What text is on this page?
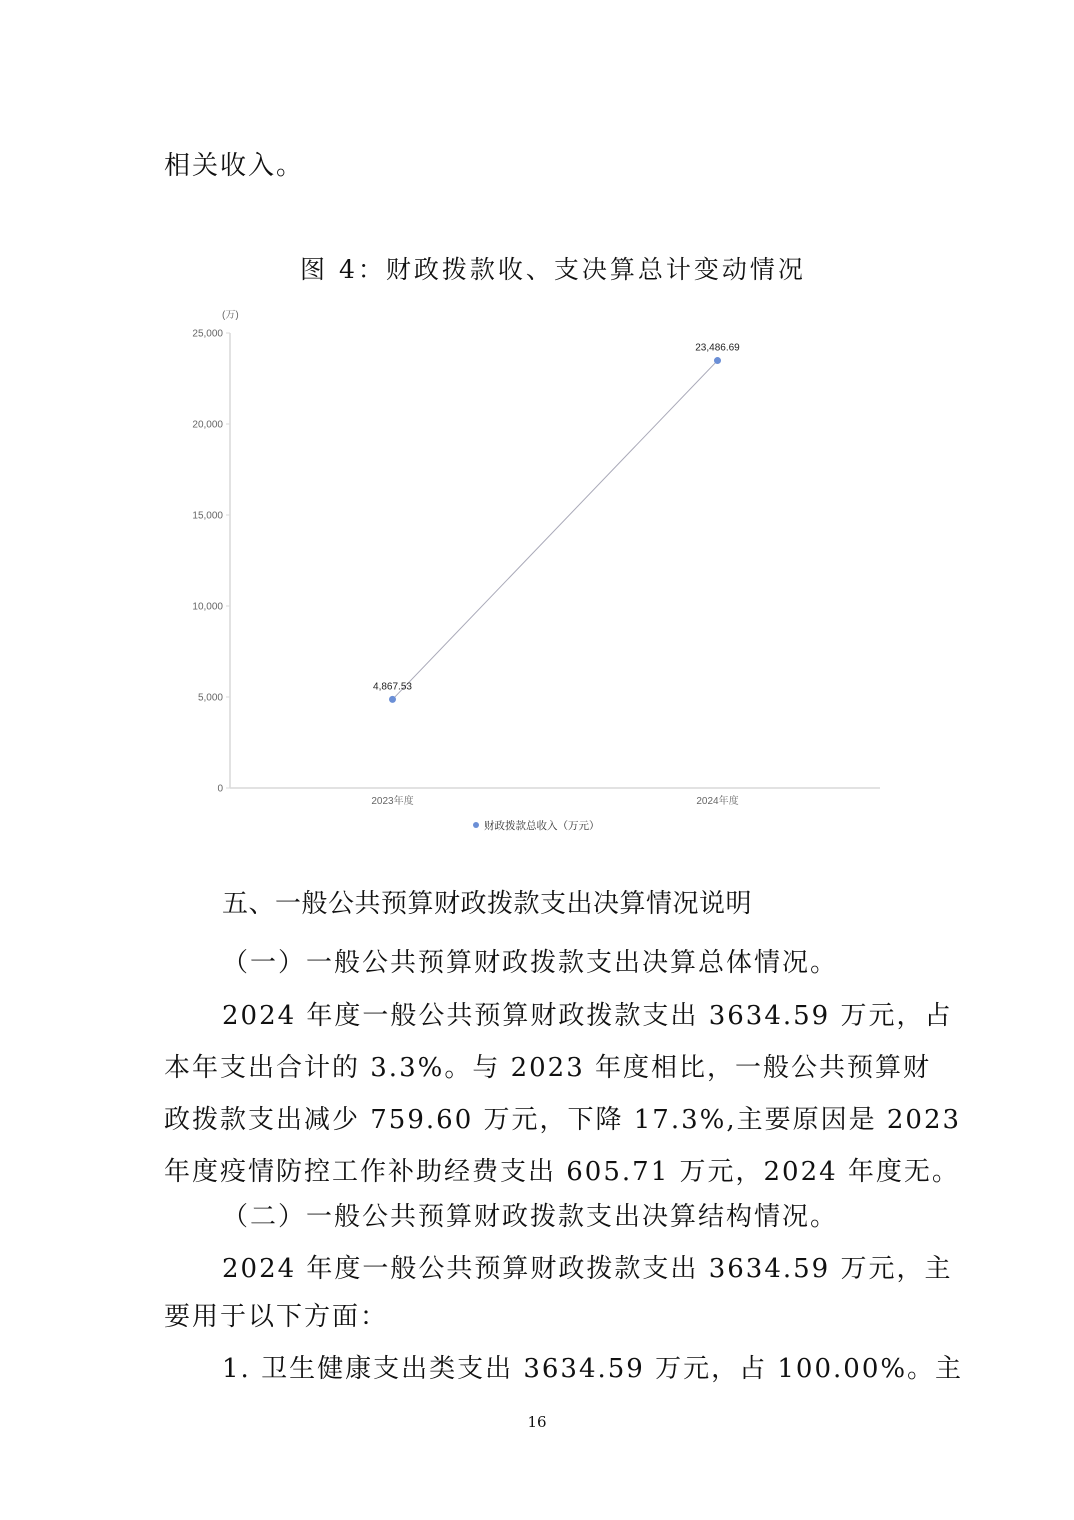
相关收入。
图 4：财政拨款收、支决算总计变动情况
(万)
0
5,000
10,000
15,000
20,000
25,000
2023年度	2024年度
4,867.53
23,486.69
财政拨款总收入（万元）
五、一般公共预算财政拨款支出决算情况说明
（一）一般公共预算财政拨款支出决算总体情况。
2024 年度一般公共预算财政拨款支出 3634.59 万元，占
本年支出合计的 3.3%。与 2023 年度相比，一般公共预算财
政拨款支出减少 759.60 万元，下降 17.3%,主要原因是 2023
年度疫情防控工作补助经费支出 605.71 万元，2024 年度无。
（二）一般公共预算财政拨款支出决算结构情况。
2024 年度一般公共预算财政拨款支出 3634.59 万元，主
要用于以下方面：
1. 卫生健康支出类支出 3634.59 万元，占 100.00%。主
16
